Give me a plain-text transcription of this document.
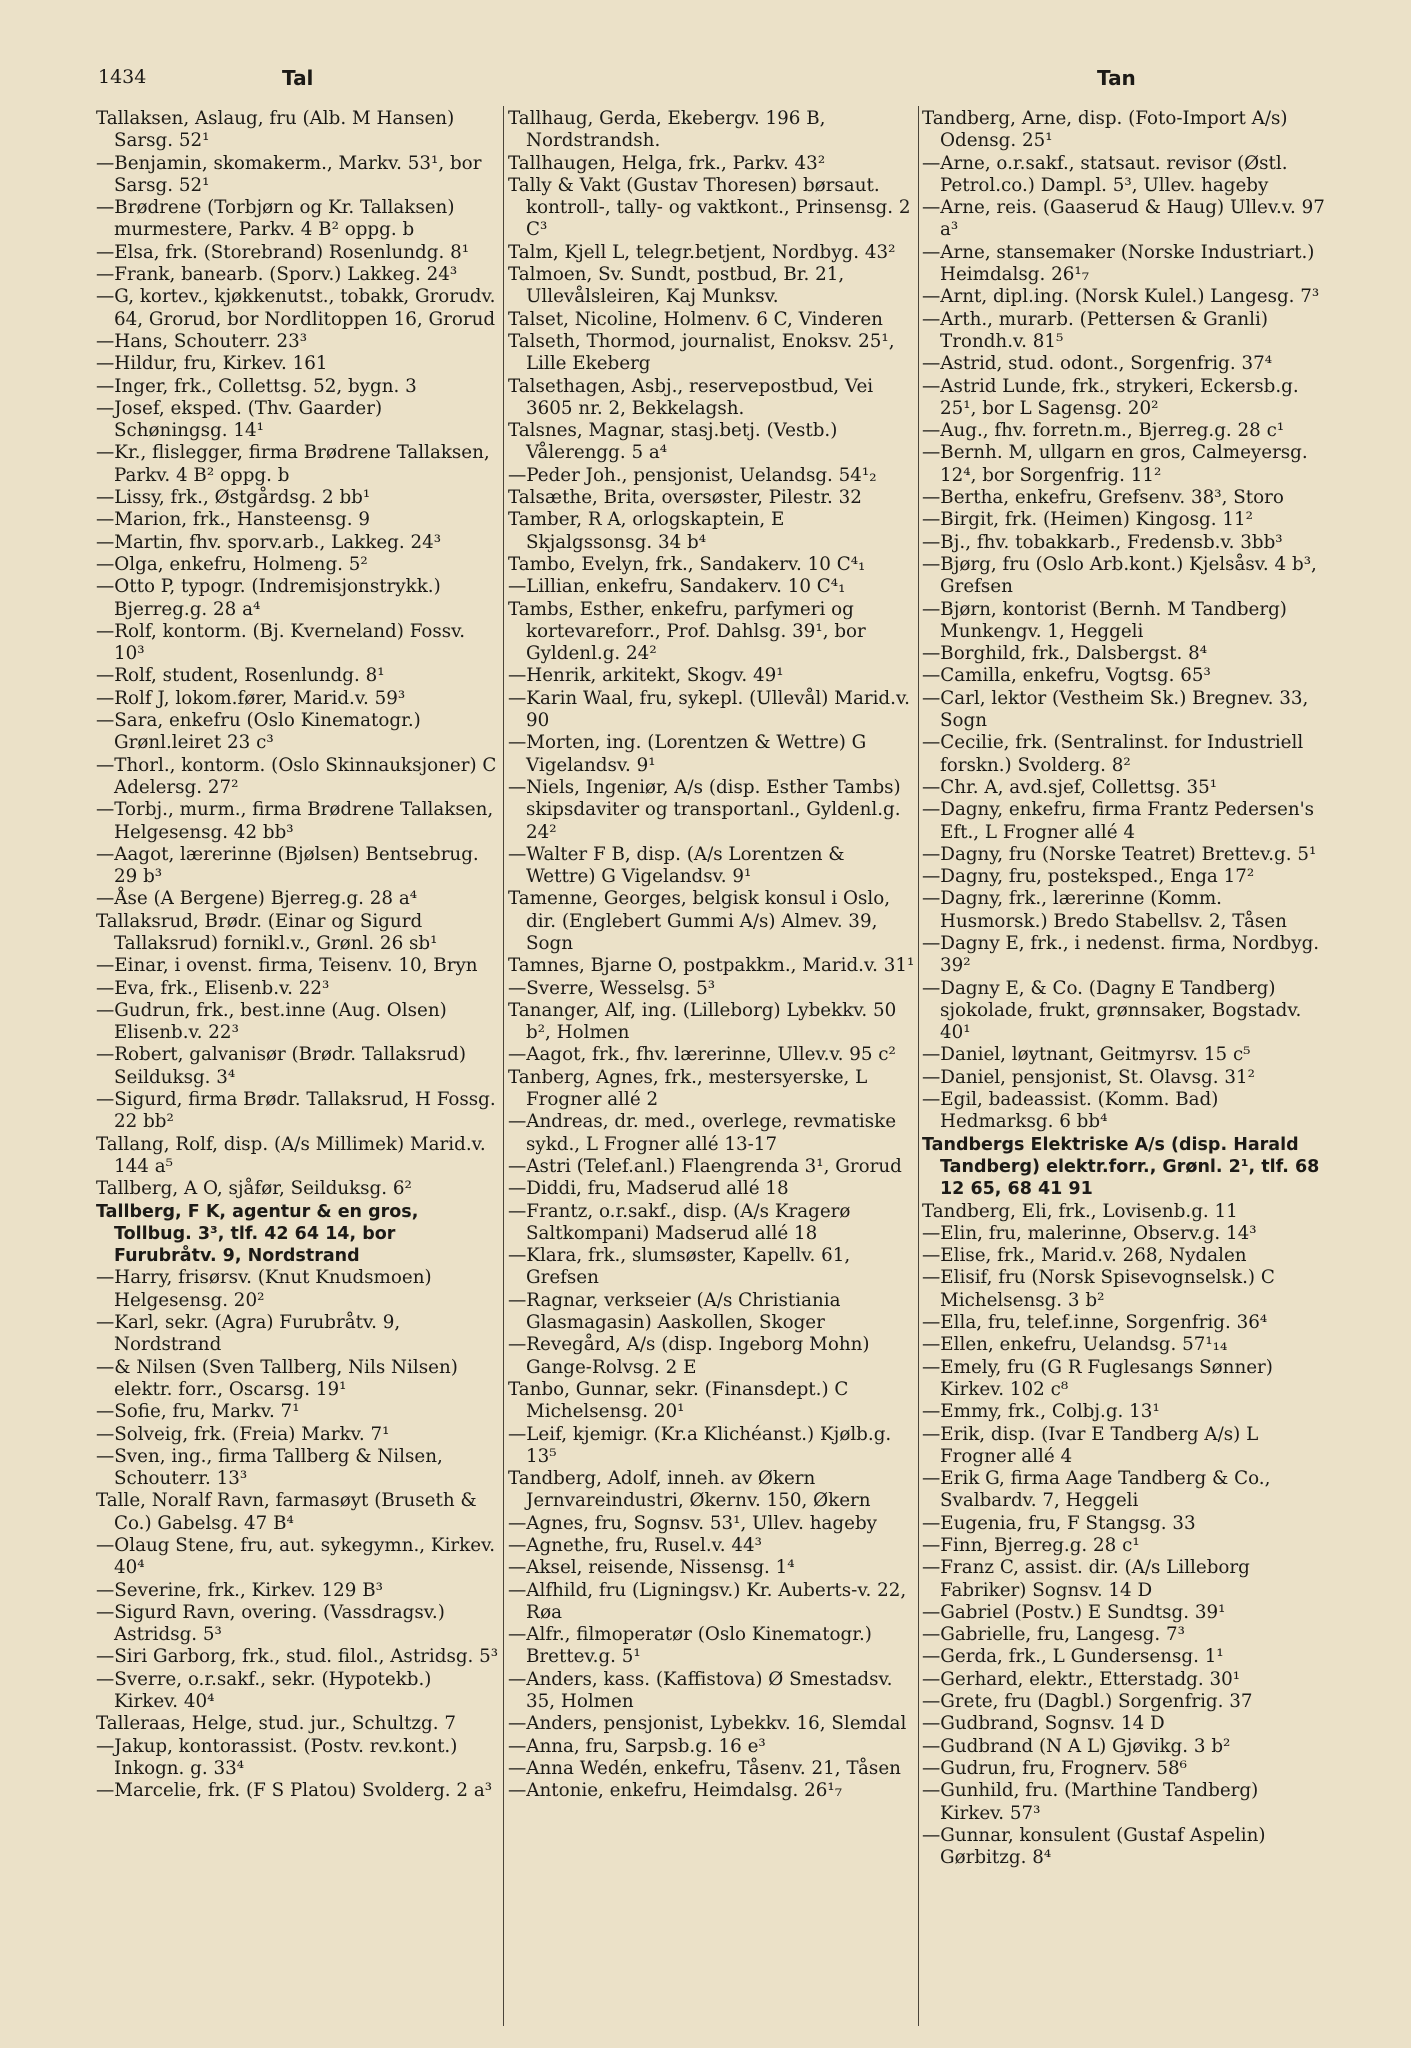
1434	Tal	Tan
Tallaksen, Aslaug, fru (Alb. M Hansen) Sarsg. 52¹
—Benjamin, skomakerm., Markv. 53¹, bor Sarsg. 52¹
—Brødrene (Torbjørn og Kr. Tallaksen) murmestere, Parkv. 4 B² oppg. b
—Elsa, frk. (Storebrand) Rosenlundg. 8¹
—Frank, banearb. (Sporv.) Lakkeg. 24³
—G, kortev., kjøkkenutst., tobakk, Grorudv. 64, Grorud, bor Nordlitoppen 16, Grorud
—Hans, Schouterr. 23³
—Hildur, fru, Kirkev. 161
—Inger, frk., Collettsg. 52, bygn. 3
—Josef, eksped. (Thv. Gaarder) Schøningsg. 14¹
—Kr., flislegger, firma Brødrene Tallaksen, Parkv. 4 B² oppg. b
—Lissy, frk., Østgårdsg. 2 bb¹
—Marion, frk., Hansteensg. 9
—Martin, fhv. sporv.arb., Lakkeg. 24³
—Olga, enkefru, Holmeng. 5²
—Otto P, typogr. (Indremisjonstrykk.) Bjerreg.g. 28 a⁴
—Rolf, kontorm. (Bj. Kverneland) Fossv. 10³
—Rolf, student, Rosenlundg. 8¹
—Rolf J, lokom.fører, Marid.v. 59³
—Sara, enkefru (Oslo Kinematogr.) Grønl.leiret 23 c³
—Thorl., kontorm. (Oslo Skinnauksjoner) C Adelersg. 27²
—Torbj., murm., firma Brødrene Tallaksen, Helgesensg. 42 bb³
—Aagot, lærerinne (Bjølsen) Bentsebrug. 29 b³
—Åse (A Bergene) Bjerreg.g. 28 a⁴
Tallaksrud, Brødr. (Einar og Sigurd Tallaksrud) fornikl.v., Grønl. 26 sb¹
—Einar, i ovenst. firma, Teisenv. 10, Bryn
—Eva, frk., Elisenb.v. 22³
—Gudrun, frk., best.inne (Aug. Olsen) Elisenb.v. 22³
—Robert, galvanisør (Brødr. Tallaksrud) Seilduksg. 3⁴
—Sigurd, firma Brødr. Tallaksrud, H Fossg. 22 bb²
Tallang, Rolf, disp. (A/s Millimek) Marid.v. 144 a⁵
Tallberg, A O, sjåfør, Seilduksg. 6²
Tallberg, F K, agentur & en gros, Tollbug. 3³, tlf. 42 64 14, bor Furubråtv. 9, Nordstrand
—Harry, frisørsv. (Knut Knudsmoen) Helgesensg. 20²
—Karl, sekr. (Agra) Furubråtv. 9, Nordstrand
—& Nilsen (Sven Tallberg, Nils Nilsen) elektr. forr., Oscarsg. 19¹
—Sofie, fru, Markv. 7¹
—Solveig, frk. (Freia) Markv. 7¹
—Sven, ing., firma Tallberg & Nilsen, Schouterr. 13³
Talle, Noralf Ravn, farmasøyt (Bruseth & Co.) Gabelsg. 47 B⁴
—Olaug Stene, fru, aut. sykegymn., Kirkev. 40⁴
—Severine, frk., Kirkev. 129 B³
—Sigurd Ravn, overing. (Vassdragsv.) Astridsg. 5³
—Siri Garborg, frk., stud. filol., Astridsg. 5³
—Sverre, o.r.sakf., sekr. (Hypotekb.) Kirkev. 40⁴
Talleraas, Helge, stud. jur., Schultzg. 7
—Jakup, kontorassist. (Postv. rev.kont.) Inkogn. g. 33⁴
—Marcelie, frk. (F S Platou) Svolderg. 2 a³
Tallhaug, Gerda, Ekebergv. 196 B, Nordstrandsh.
Tallhaugen, Helga, frk., Parkv. 43²
Tally & Vakt (Gustav Thoresen) børsaut. kontroll-, tally- og vaktkont., Prinsensg. 2 C³
Talm, Kjell L, telegr.betjent, Nordbyg. 43²
Talmoen, Sv. Sundt, postbud, Br. 21, Ullevålsleiren, Kaj Munksv.
Talset, Nicoline, Holmenv. 6 C, Vinderen
Talseth, Thormod, journalist, Enoksv. 25¹, Lille Ekeberg
Talsethagen, Asbj., reservepostbud, Vei 3605 nr. 2, Bekkelagsh.
Talsnes, Magnar, stasj.betj. (Vestb.) Vålerengg. 5 a⁴
—Peder Joh., pensjonist, Uelandsg. 54¹₂
Talsæthe, Brita, oversøster, Pilestr. 32
Tamber, R A, orlogskaptein, E Skjalgssonsg. 34 b⁴
Tambo, Evelyn, frk., Sandakerv. 10 C⁴₁
—Lillian, enkefru, Sandakerv. 10 C⁴₁
Tambs, Esther, enkefru, parfymeri og kortevareforr., Prof. Dahlsg. 39¹, bor Gyldenl.g. 24²
—Henrik, arkitekt, Skogv. 49¹
—Karin Waal, fru, sykepl. (Ullevål) Marid.v. 90
—Morten, ing. (Lorentzen & Wettre) G Vigelandsv. 9¹
—Niels, Ingeniør, A/s (disp. Esther Tambs) skipsdaviter og transportanl., Gyldenl.g. 24²
—Walter F B, disp. (A/s Lorentzen & Wettre) G Vigelandsv. 9¹
Tamenne, Georges, belgisk konsul i Oslo, dir. (Englebert Gummi A/s) Almev. 39, Sogn
Tamnes, Bjarne O, postpakkm., Marid.v. 31¹
—Sverre, Wesselsg. 5³
Tananger, Alf, ing. (Lilleborg) Lybekkv. 50 b², Holmen
—Aagot, frk., fhv. lærerinne, Ullev.v. 95 c²
Tanberg, Agnes, frk., mestersyerske, L Frogner allé 2
—Andreas, dr. med., overlege, revmatiske sykd., L Frogner allé 13-17
—Astri (Telef.anl.) Flaengrenda 3¹, Grorud
—Diddi, fru, Madserud allé 18
—Frantz, o.r.sakf., disp. (A/s Kragerø Saltkompani) Madserud allé 18
—Klara, frk., slumsøster, Kapellv. 61, Grefsen
—Ragnar, verkseier (A/s Christiania Glasmagasin) Aaskollen, Skoger
—Revegård, A/s (disp. Ingeborg Mohn) Gange-Rolvsg. 2 E
Tanbo, Gunnar, sekr. (Finansdept.) C Michelsensg. 20¹
—Leif, kjemigr. (Kr.a Klichéanst.) Kjølb.g. 13⁵
Tandberg, Adolf, inneh. av Økern Jernvareindustri, Økernv. 150, Økern
—Agnes, fru, Sognsv. 53¹, Ullev. hageby
—Agnethe, fru, Rusel.v. 44³
—Aksel, reisende, Nissensg. 1⁴
—Alfhild, fru (Ligningsv.) Kr. Auberts-v. 22, Røa
—Alfr., filmoperatør (Oslo Kinematogr.) Brettev.g. 5¹
—Anders, kass. (Kaffistova) Ø Smestadsv. 35, Holmen
—Anders, pensjonist, Lybekkv. 16, Slemdal
—Anna, fru, Sarpsb.g. 16 e³
—Anna Wedén, enkefru, Tåsenv. 21, Tåsen
—Antonie, enkefru, Heimdalsg. 26¹₇
Tandberg, Arne, disp. (Foto-Import A/s) Odensg. 25¹
—Arne, o.r.sakf., statsaut. revisor (Østl. Petrol.co.) Dampl. 5³, Ullev. hageby
—Arne, reis. (Gaaserud & Haug) Ullev.v. 97 a³
—Arne, stansemaker (Norske Industriart.) Heimdalsg. 26¹₇
—Arnt, dipl.ing. (Norsk Kulel.) Langesg. 7³
—Arth., murarb. (Pettersen & Granli) Trondh.v. 81⁵
—Astrid, stud. odont., Sorgenfrig. 37⁴
—Astrid Lunde, frk., strykeri, Eckersb.g. 25¹, bor L Sagensg. 20²
—Aug., fhv. forretn.m., Bjerreg.g. 28 c¹
—Bernh. M, ullgarn en gros, Calmeyersg. 12⁴, bor Sorgenfrig. 11²
—Bertha, enkefru, Grefsenv. 38³, Storo
—Birgit, frk. (Heimen) Kingosg. 11²
—Bj., fhv. tobakkarb., Fredensb.v. 3bb³
—Bjørg, fru (Oslo Arb.kont.) Kjelsåsv. 4 b³, Grefsen
—Bjørn, kontorist (Bernh. M Tandberg) Munkengv. 1, Heggeli
—Borghild, frk., Dalsbergst. 8⁴
—Camilla, enkefru, Vogtsg. 65³
—Carl, lektor (Vestheim Sk.) Bregnev. 33, Sogn
—Cecilie, frk. (Sentralinst. for Industriell forskn.) Svolderg. 8²
—Chr. A, avd.sjef, Collettsg. 35¹
—Dagny, enkefru, firma Frantz Pedersen's Eft., L Frogner allé 4
—Dagny, fru (Norske Teatret) Brettev.g. 5¹
—Dagny, fru, posteksped., Enga 17²
—Dagny, frk., lærerinne (Komm. Husmorsk.) Bredo Stabellsv. 2, Tåsen
—Dagny E, frk., i nedenst. firma, Nordbyg. 39²
—Dagny E, & Co. (Dagny E Tandberg) sjokolade, frukt, grønnsaker, Bogstadv. 40¹
—Daniel, løytnant, Geitmyrsv. 15 c⁵
—Daniel, pensjonist, St. Olavsg. 31²
—Egil, badeassist. (Komm. Bad) Hedmarksg. 6 bb⁴
Tandbergs Elektriske A/s (disp. Harald Tandberg) elektr.forr., Grønl. 2¹, tlf. 68 12 65, 68 41 91
Tandberg, Eli, frk., Lovisenb.g. 11
—Elin, fru, malerinne, Observ.g. 14³
—Elise, frk., Marid.v. 268, Nydalen
—Elisif, fru (Norsk Spisevognselsk.) C Michelsensg. 3 b²
—Ella, fru, telef.inne, Sorgenfrig. 36⁴
—Ellen, enkefru, Uelandsg. 57¹₁₄
—Emely, fru (G R Fuglesangs Sønner) Kirkev. 102 c⁸
—Emmy, frk., Colbj.g. 13¹
—Erik, disp. (Ivar E Tandberg A/s) L Frogner allé 4
—Erik G, firma Aage Tandberg & Co., Svalbardv. 7, Heggeli
—Eugenia, fru, F Stangsg. 33
—Finn, Bjerreg.g. 28 c¹
—Franz C, assist. dir. (A/s Lilleborg Fabriker) Sognsv. 14 D
—Gabriel (Postv.) E Sundtsg. 39¹
—Gabrielle, fru, Langesg. 7³
—Gerda, frk., L Gundersensg. 1¹
—Gerhard, elektr., Etterstadg. 30¹
—Grete, fru (Dagbl.) Sorgenfrig. 37
—Gudbrand, Sognsv. 14 D
—Gudbrand (N A L) Gjøvikg. 3 b²
—Gudrun, fru, Frognerv. 58⁶
—Gunhild, fru. (Marthine Tandberg) Kirkev. 57³
—Gunnar, konsulent (Gustaf Aspelin) Gørbitzg. 8⁴
